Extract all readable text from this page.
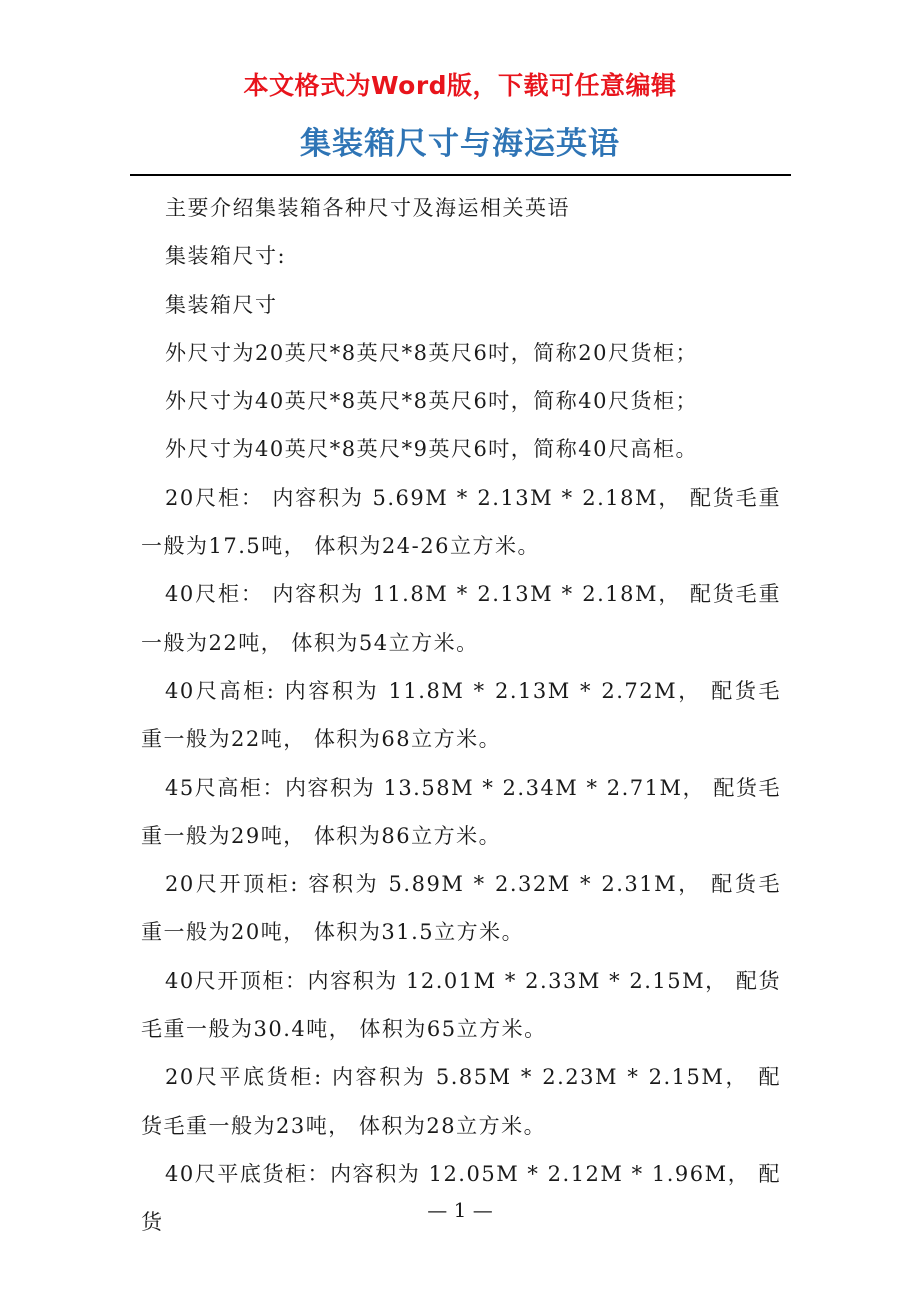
本文格式为Word版，下载可任意编辑
集装箱尺寸与海运英语

主要介绍集装箱各种尺寸及海运相关英语

集装箱尺寸:

集装箱尺寸

外尺寸为20英尺*8英尺*8英尺6吋，简称20尺货柜；

外尺寸为40英尺*8英尺*8英尺6吋，简称40尺货柜；

外尺寸为40英尺*8英尺*9英尺6吋，简称40尺高柜。

20尺柜： 内容积为 5.69M * 2.13M * 2.18M， 配货毛重一般为17.5吨， 体积为24-26立方米。

40尺柜： 内容积为 11.8M * 2.13M * 2.18M， 配货毛重一般为22吨， 体积为54立方米。

40尺高柜: 内容积为 11.8M * 2.13M * 2.72M， 配货毛重一般为22吨， 体积为68立方米。

45尺高柜：内容积为 13.58M * 2.34M * 2.71M， 配货毛重一般为29吨， 体积为86立方米。

20尺开顶柜: 容积为 5.89M * 2.32M * 2.31M， 配货毛重一般为20吨， 体积为31.5立方米。

40尺开顶柜：内容积为 12.01M * 2.33M * 2.15M， 配货毛重一般为30.4吨， 体积为65立方米。

20尺平底货柜: 内容积为 5.85M * 2.23M * 2.15M， 配货毛重一般为23吨， 体积为28立方米。

40尺平底货柜：内容积为 12.05M * 2.12M * 1.96M， 配货

— 1 —
